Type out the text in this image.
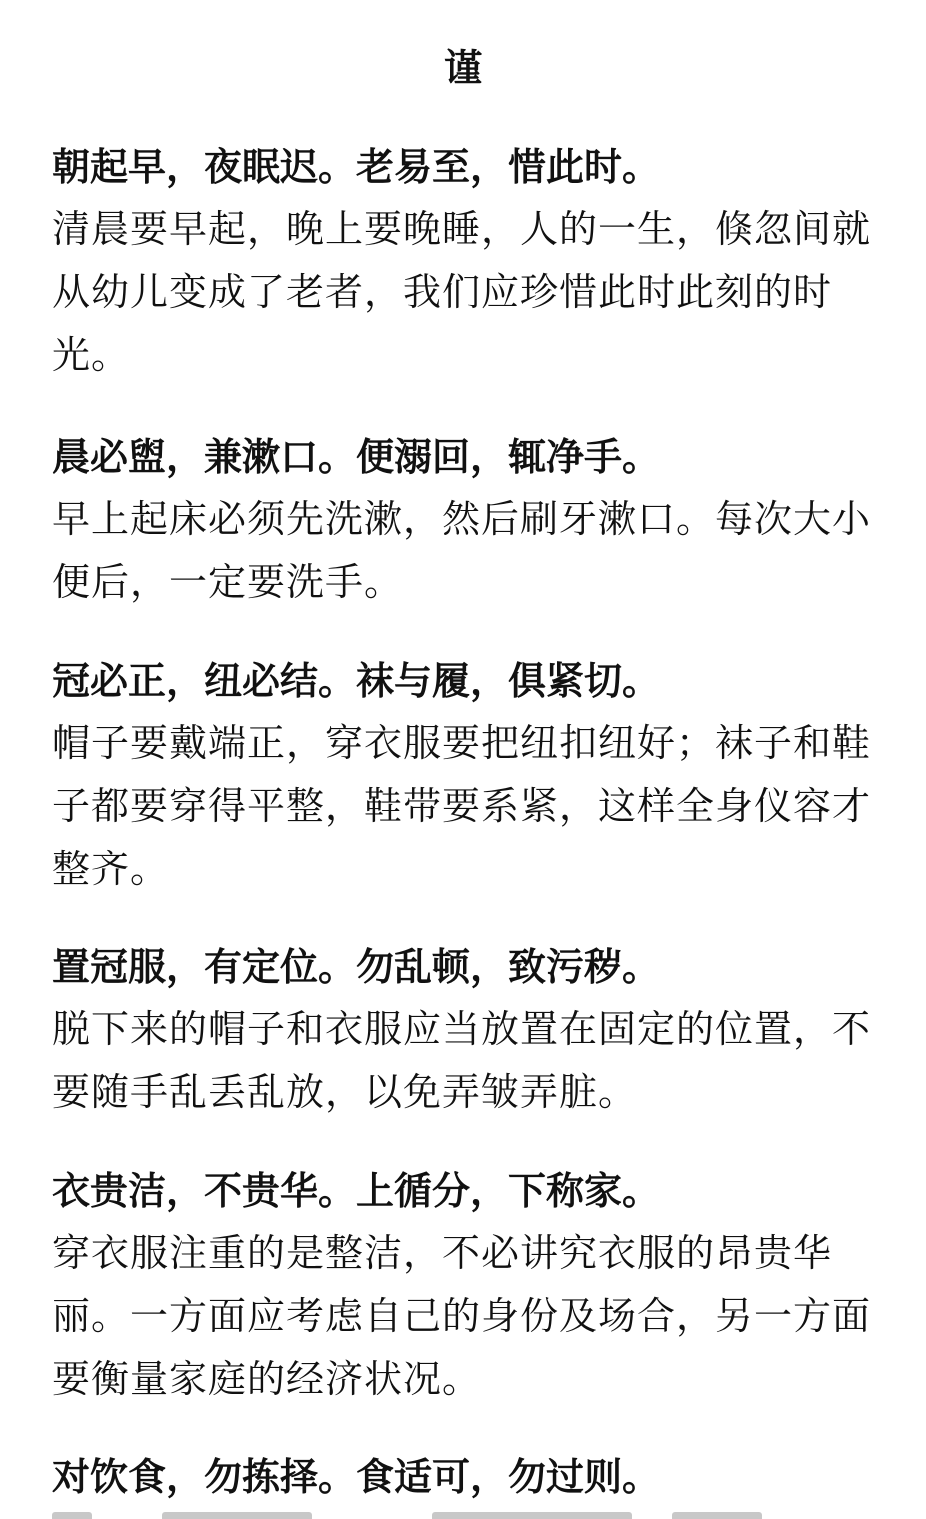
谨

朝起早，夜眠迟。老易至，惜此时。

清晨要早起，晚上要晚睡，人的一生，倏忽间就从幼儿变成了老者，我们应珍惜此时此刻的时光。

晨必盥，兼漱口。便溺回，辄净手。

早上起床必须先洗漱，然后刷牙漱口。每次大小便后，一定要洗手。

冠必正，纽必结。袜与履，俱紧切。

帽子要戴端正，穿衣服要把纽扣纽好；袜子和鞋子都要穿得平整，鞋带要系紧，这样全身仪容才整齐。

置冠服，有定位。勿乱顿，致污秽。

脱下来的帽子和衣服应当放置在固定的位置，不要随手乱丢乱放，以免弄皱弄脏。

衣贵洁，不贵华。上循分，下称家。

穿衣服注重的是整洁，不必讲究衣服的昂贵华丽。一方面应考虑自己的身份及场合，另一方面要衡量家庭的经济状况。

对饮食，勿拣择。食适可，勿过则。
